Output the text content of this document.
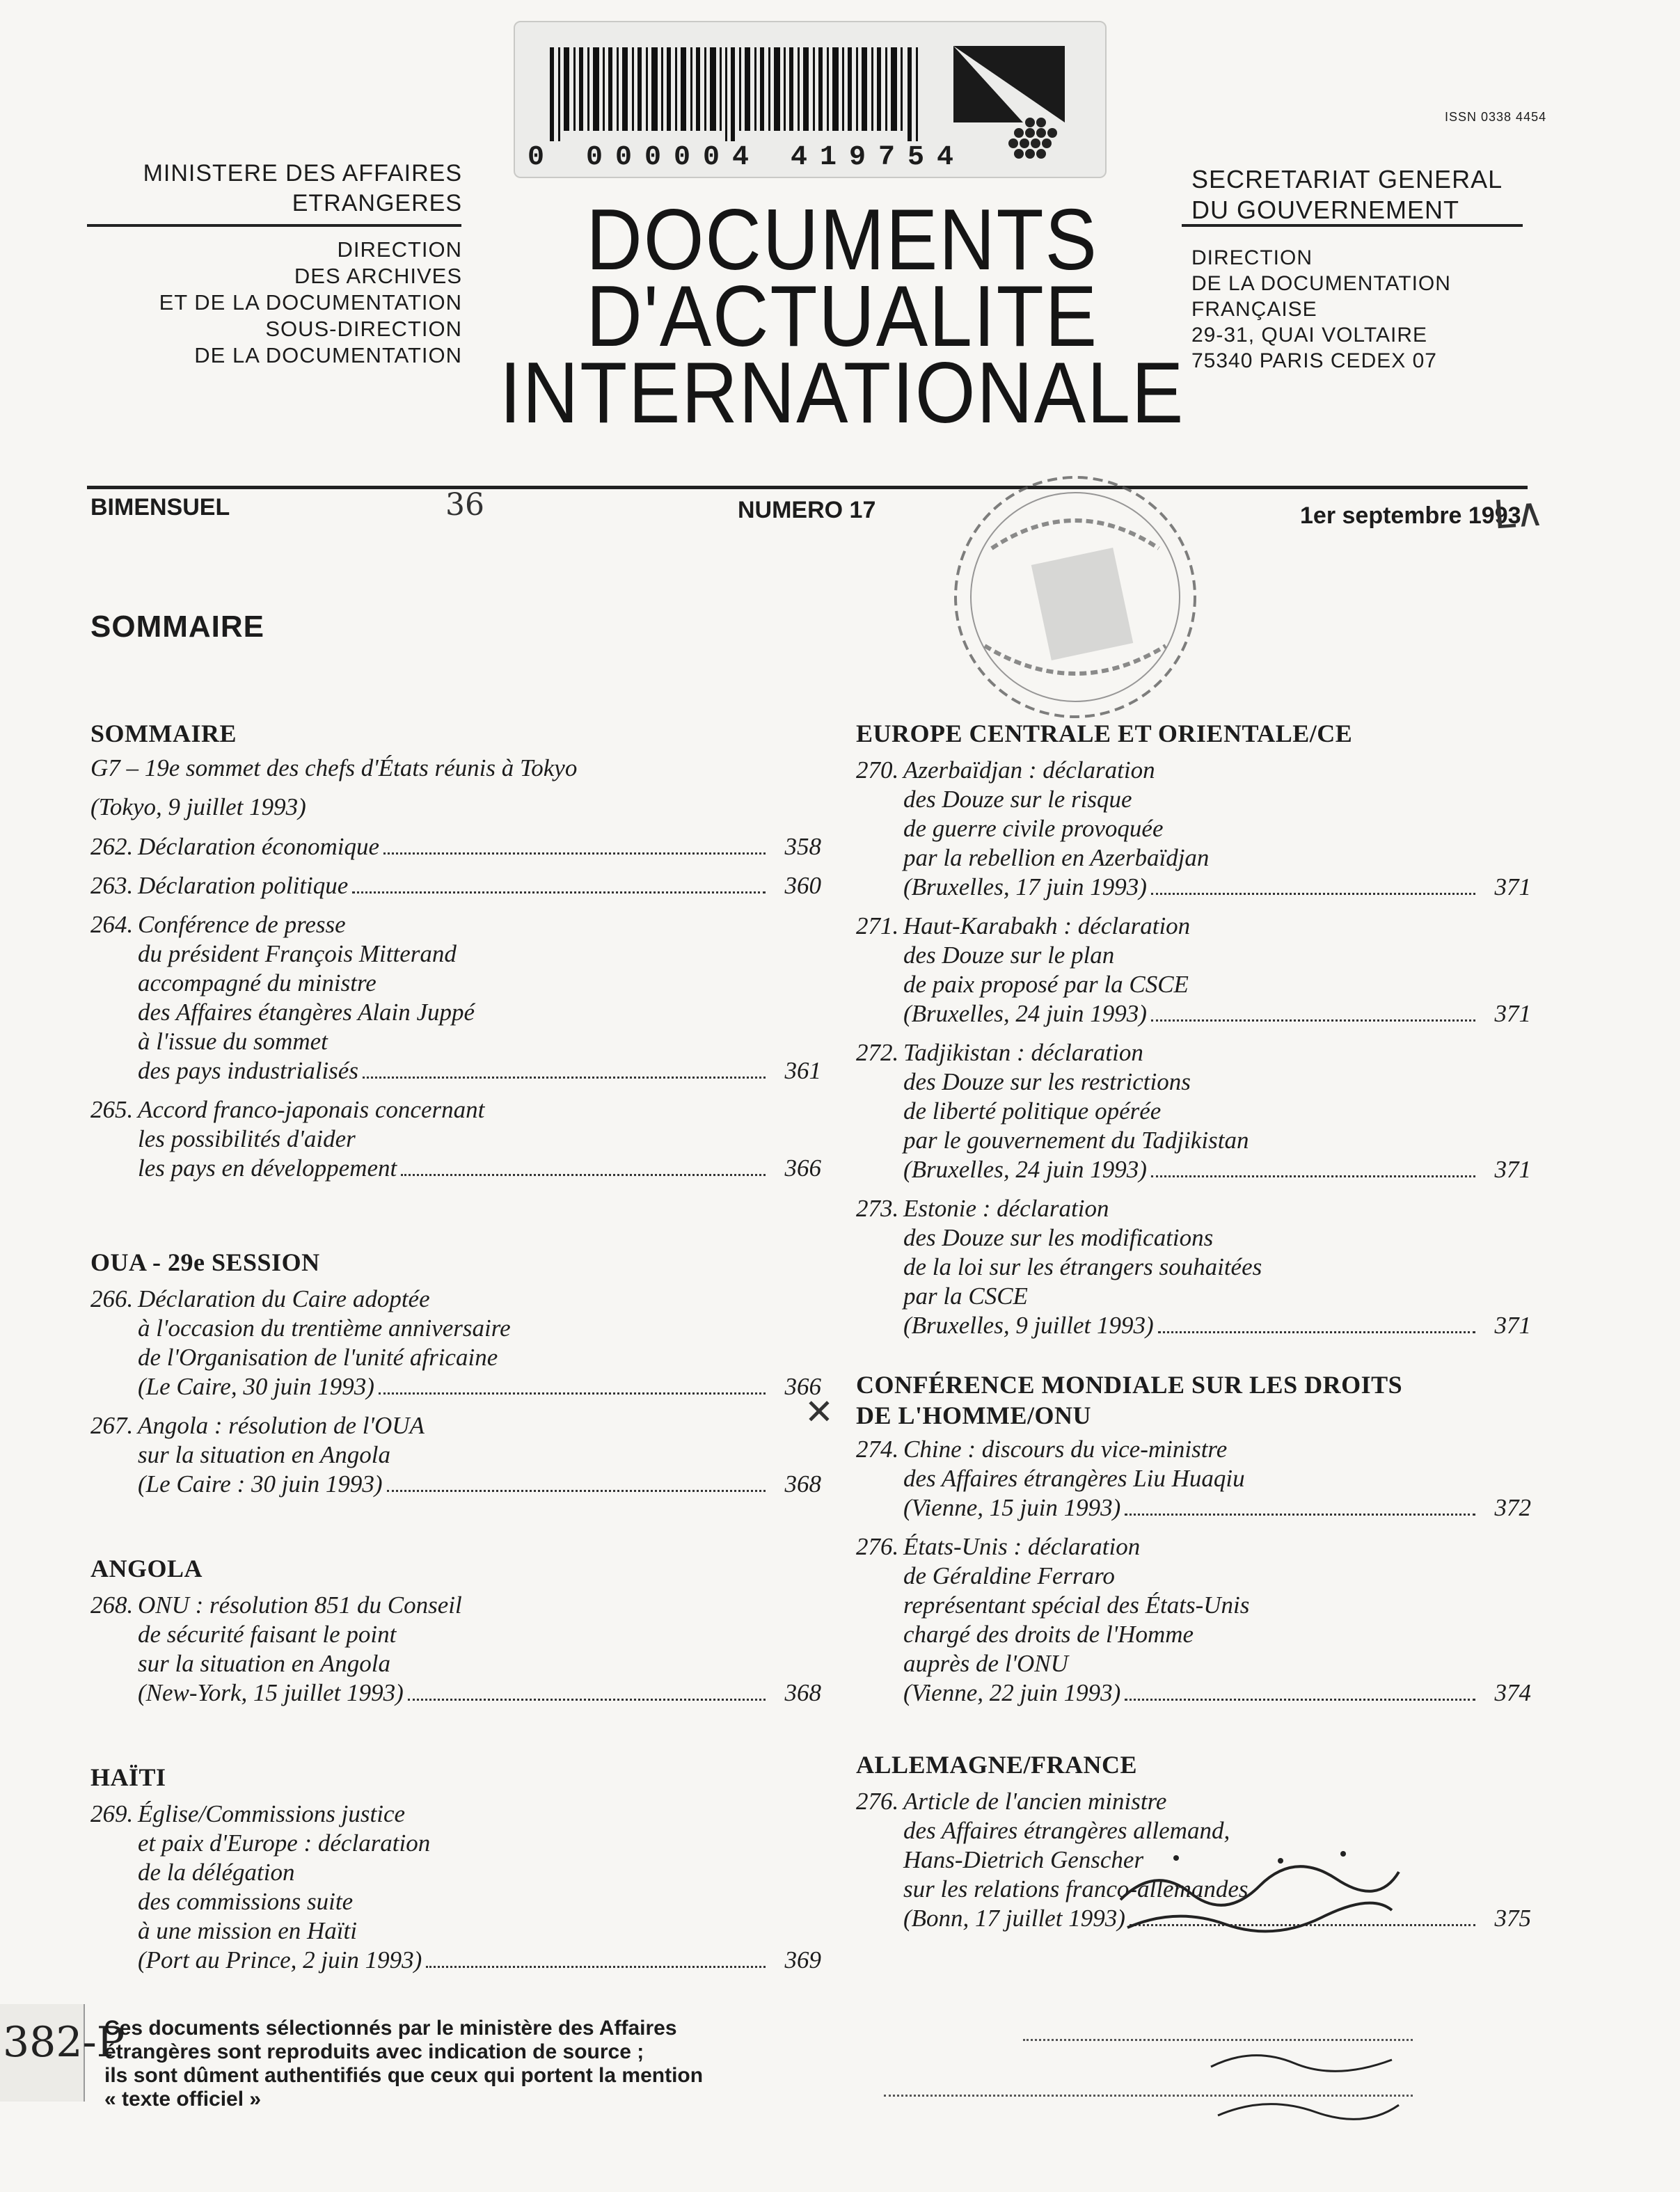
MINISTERE DES AFFAIRES
ETRANGERES
DIRECTION
DES ARCHIVES
ET DE LA DOCUMENTATION
SOUS-DIRECTION
DE LA DOCUMENTATION
0 000004 419754
ISSN 0338 4454
SECRETARIAT GENERAL
DU GOUVERNEMENT
DIRECTION
DE LA DOCUMENTATION
FRANÇAISE
29-31, QUAI VOLTAIRE
75340 PARIS CEDEX 07
DOCUMENTS
D'ACTUALITE
INTERNATIONALE
BIMENSUEL	36	NUMERO 17	1er septembre 1993
L∧
SOMMAIRE
SOMMAIRE
G7 – 19e sommet des chefs d'États réunis à Tokyo
(Tokyo, 9 juillet 1993)
262. Déclaration économique	358
263. Déclaration politique	360
264. Conférence de presse
du président François Mitterand
accompagné du ministre
des Affaires étangères Alain Juppé
à l'issue du sommet
des pays industrialisés	361
265. Accord franco-japonais concernant
les possibilités d'aider
les pays en développement	366
OUA - 29e SESSION
266. Déclaration du Caire adoptée
à l'occasion du trentième anniversaire
de l'Organisation de l'unité africaine
(Le Caire, 30 juin 1993)	366
267. Angola : résolution de l'OUA
sur la situation en Angola
(Le Caire : 30 juin 1993)	368
ANGOLA
268. ONU : résolution 851 du Conseil
de sécurité faisant le point
sur la situation en Angola
(New-York, 15 juillet 1993)	368
HAÏTI
269. Église/Commissions justice
et paix d'Europe : déclaration
de la délégation
des commissions suite
à une mission en Haïti
(Port au Prince, 2 juin 1993)	369
EUROPE CENTRALE ET ORIENTALE/CE
270. Azerbaïdjan : déclaration
des Douze sur le risque
de guerre civile provoquée
par la rebellion en Azerbaïdjan
(Bruxelles, 17 juin 1993)	371
271. Haut-Karabakh : déclaration
des Douze sur le plan
de paix proposé par la CSCE
(Bruxelles, 24 juin 1993)	371
272. Tadjikistan : déclaration
des Douze sur les restrictions
de liberté politique opérée
par le gouvernement du Tadjikistan
(Bruxelles, 24 juin 1993)	371
273. Estonie : déclaration
des Douze sur les modifications
de la loi sur les étrangers souhaitées
par la CSCE
(Bruxelles, 9 juillet 1993)	371
CONFÉRENCE MONDIALE SUR LES DROITS
DE L'HOMME/ONU
274. Chine : discours du vice-ministre
des Affaires étrangères Liu Huaqiu
(Vienne, 15 juin 1993)	372
276. États-Unis : déclaration
de Géraldine Ferraro
représentant spécial des États-Unis
chargé des droits de l'Homme
auprès de l'ONU
(Vienne, 22 juin 1993)	374
ALLEMAGNE/FRANCE
276. Article de l'ancien ministre
des Affaires étrangères allemand,
Hans-Dietrich Genscher
sur les relations franco-allemandes
(Bonn, 17 juillet 1993)	375
✕
382-P
Ces documents sélectionnés par le ministère des Affaires
étrangères sont reproduits avec indication de source ;
ils sont dûment authentifiés que ceux qui portent la mention
« texte officiel »
